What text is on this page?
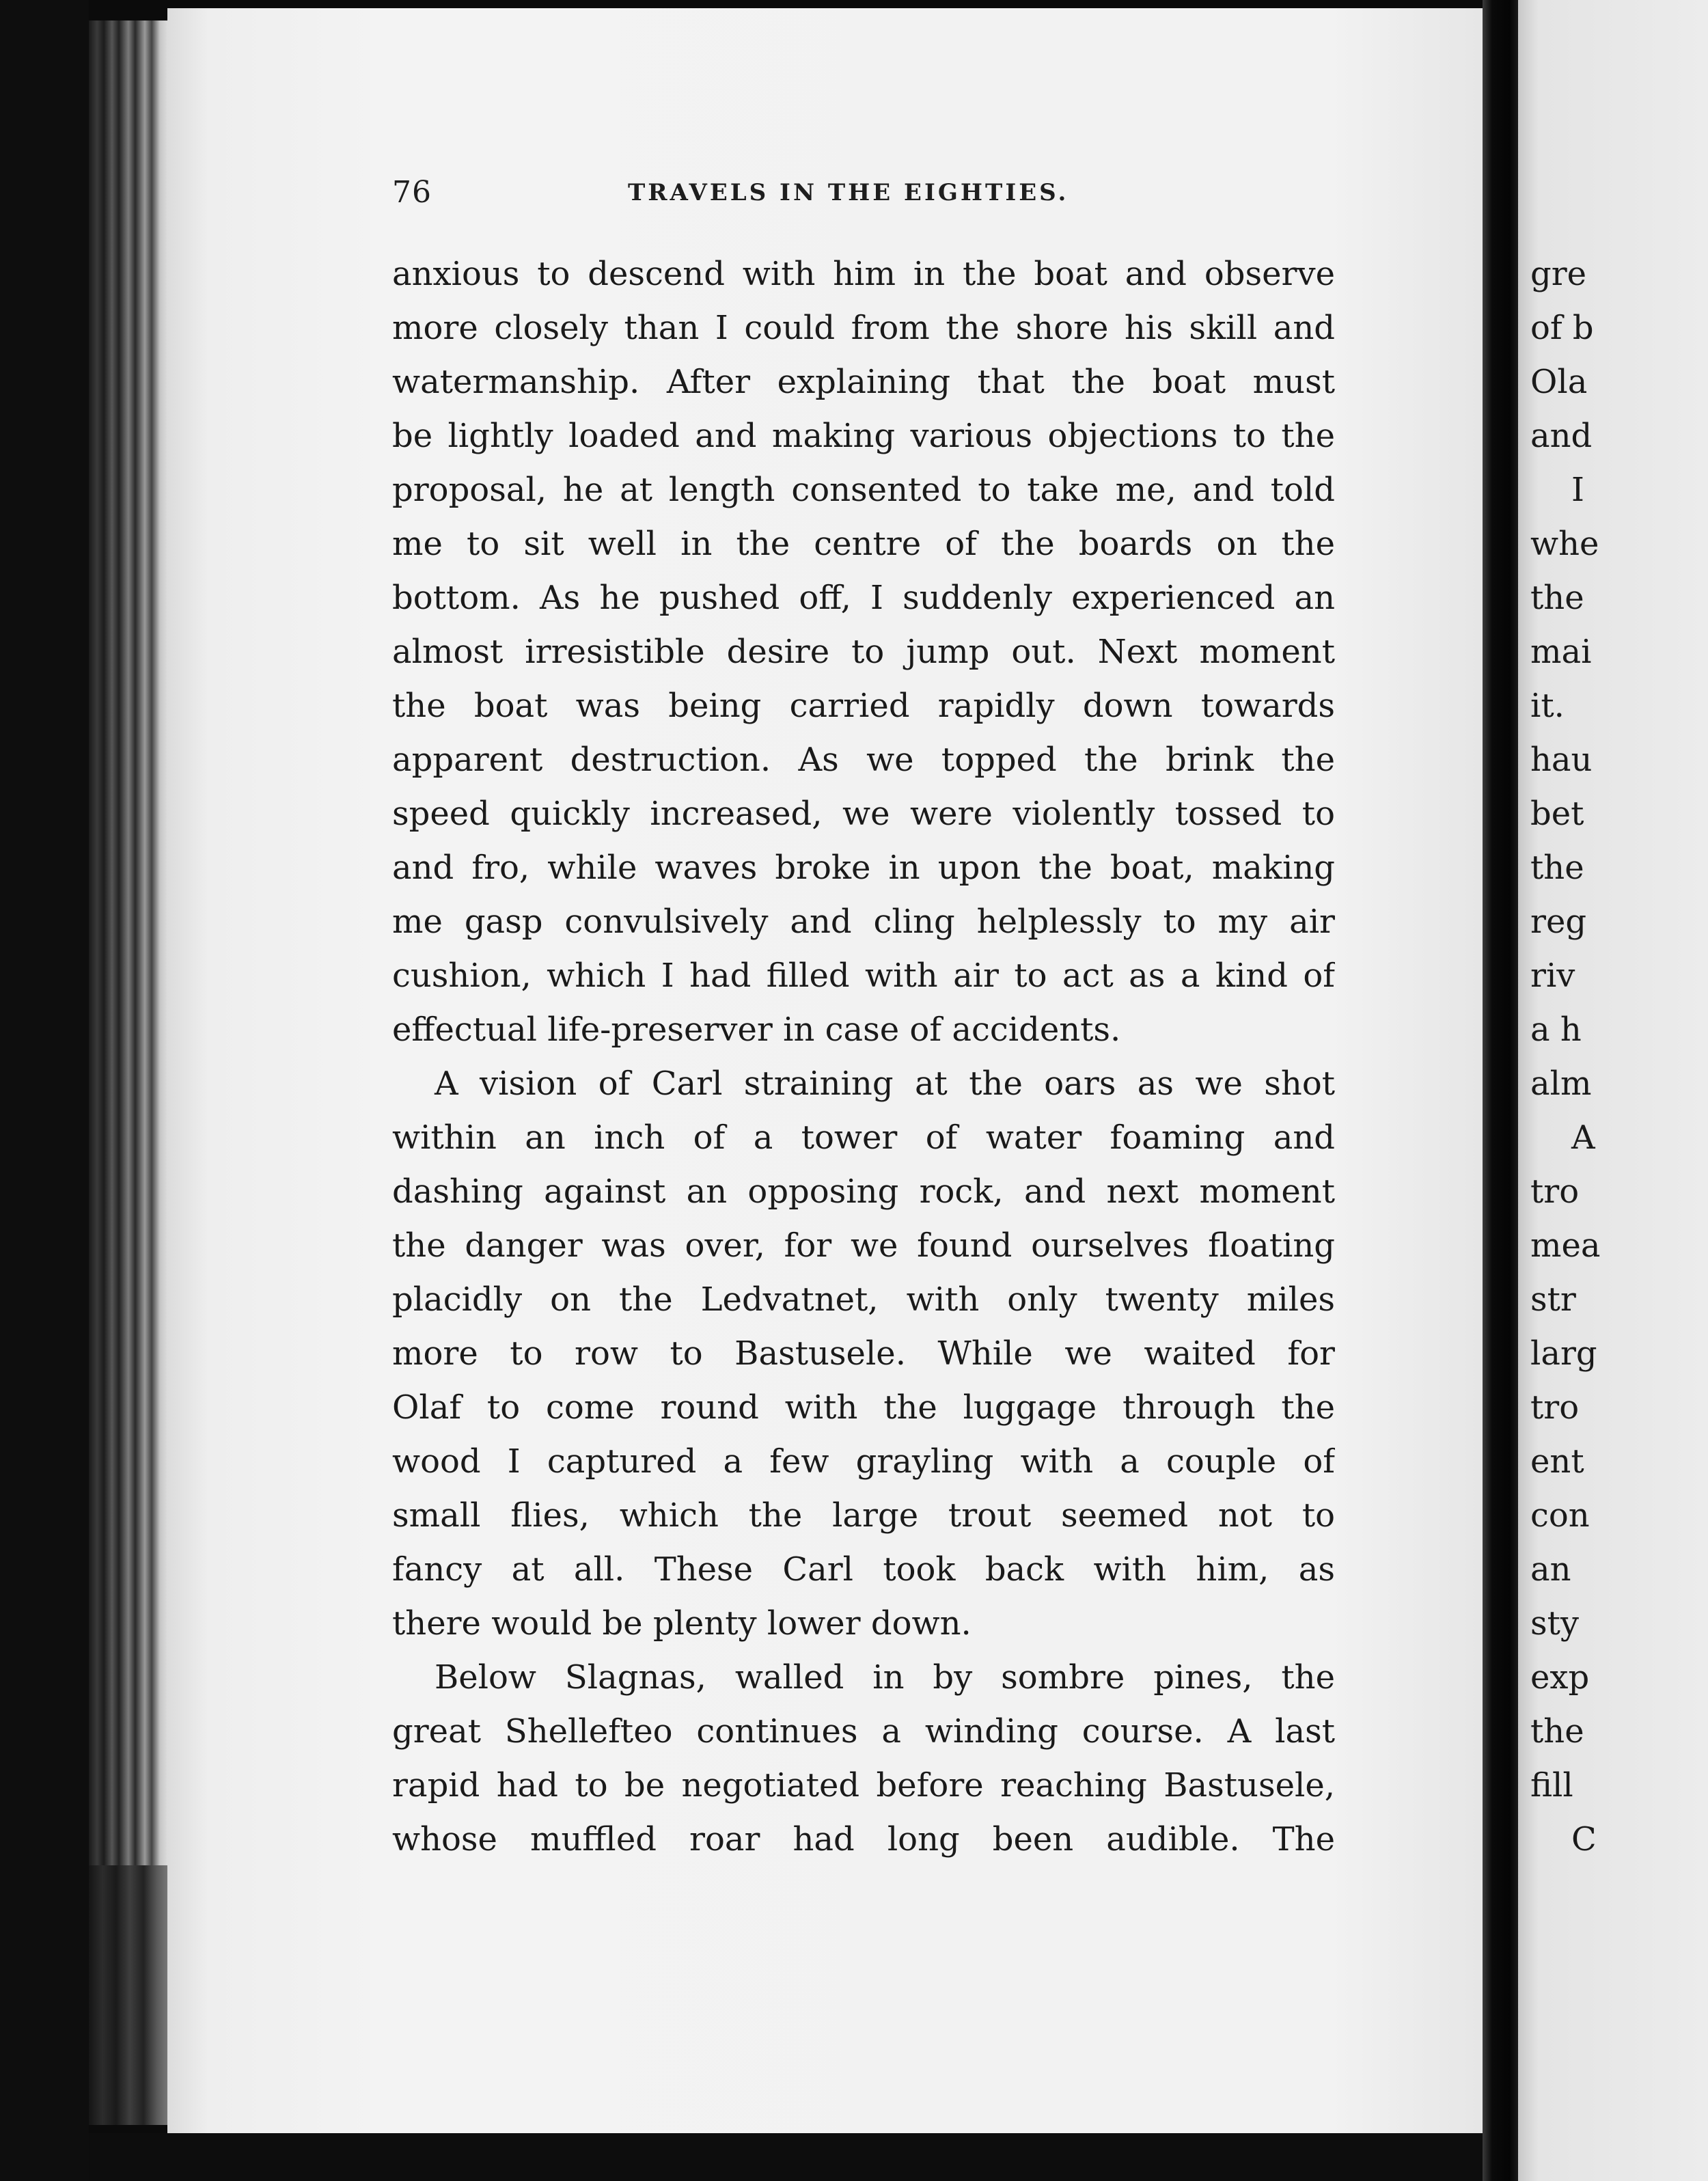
76	TRAVELS IN THE EIGHTIES.
anxious to descend with him in the boat and observe
more closely than I could from the shore his skill and
watermanship. After explaining that the boat must
be lightly loaded and making various objections to the
proposal, he at length consented to take me, and told
me to sit well in the centre of the boards on the
bottom. As he pushed off, I suddenly experienced an
almost irresistible desire to jump out. Next moment
the boat was being carried rapidly down towards
apparent destruction. As we topped the brink the
speed quickly increased, we were violently tossed to
and fro, while waves broke in upon the boat, making
me gasp convulsively and cling helplessly to my air
cushion, which I had filled with air to act as a kind of
effectual life-preserver in case of accidents.
A vision of Carl straining at the oars as we shot
within an inch of a tower of water foaming and
dashing against an opposing rock, and next moment
the danger was over, for we found ourselves floating
placidly on the Ledvatnet, with only twenty miles
more to row to Bastusele. While we waited for
Olaf to come round with the luggage through the
wood I captured a few grayling with a couple of
small flies, which the large trout seemed not to
fancy at all. These Carl took back with him, as
there would be plenty lower down.
Below Slagnas, walled in by sombre pines, the
great Shellefteo continues a winding course. A last
rapid had to be negotiated before reaching Bastusele,
whose muffled roar had long been audible. The
gre
of b
Ola
and
I
whe
the
mai
it.
hau
bet
the
reg
riv
a h
alm
A
tro
mea
str
larg
tro
ent
con
an
sty
exp
the
fill
C
